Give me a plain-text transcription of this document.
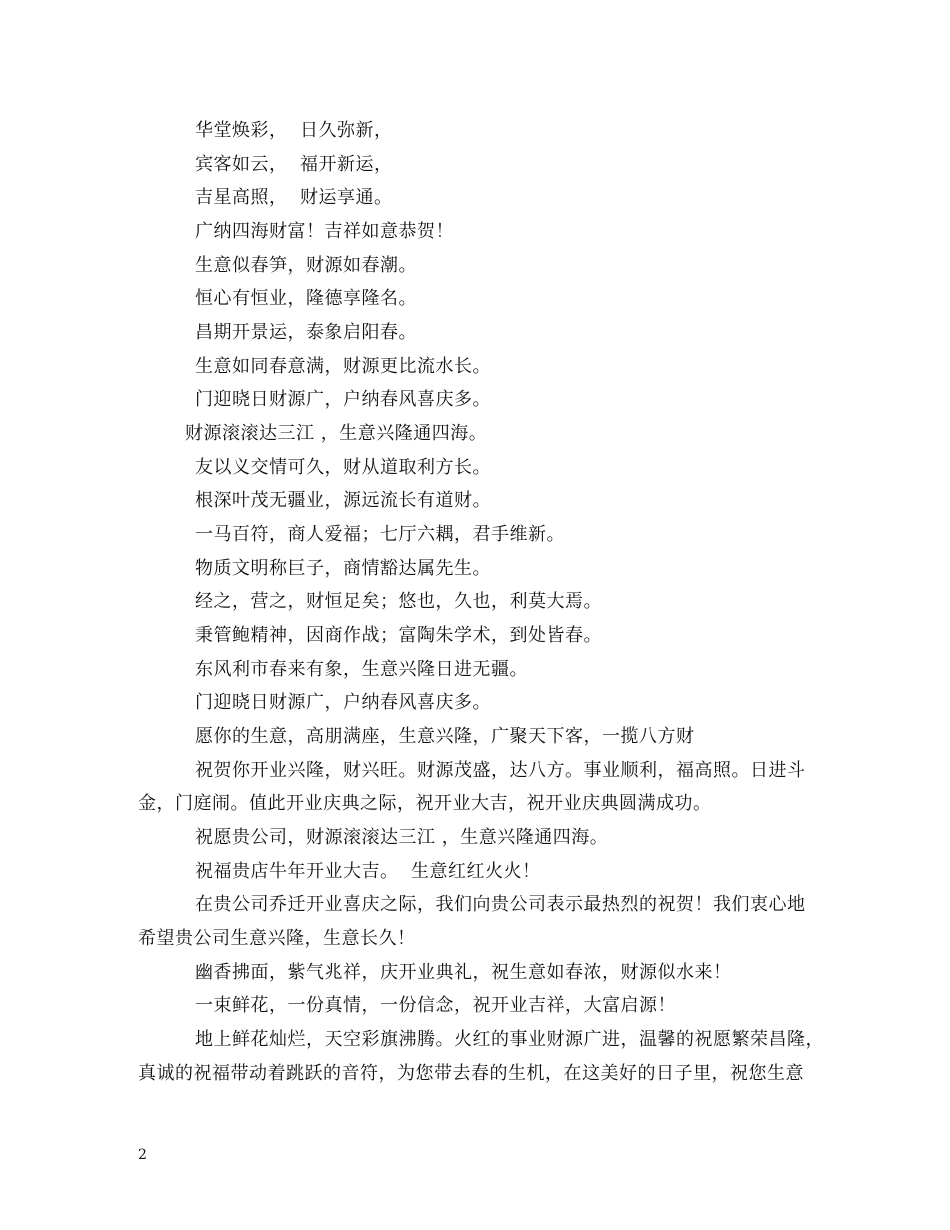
华堂焕彩，  日久弥新，
宾客如云，  福开新运，
吉星高照，  财运享通。
广纳四海财富！吉祥如意恭贺！
生意似春笋，财源如春潮。
恒心有恒业，隆德享隆名。
昌期开景运，泰象启阳春。
生意如同春意满，财源更比流水长。
门迎晓日财源广，户纳春风喜庆多。
财源滚滚达三江 ，生意兴隆通四海。
友以义交情可久，财从道取利方长。
根深叶茂无疆业，源远流长有道财。
一马百符，商人爱福；七厅六耦，君手维新。
物质文明称巨子，商情豁达属先生。
经之，营之，财恒足矣；悠也，久也，利莫大焉。
秉管鲍精神，因商作战；富陶朱学术，到处皆春。
东风利市春来有象，生意兴隆日进无疆。
门迎晓日财源广，户纳春风喜庆多。
愿你的生意，高朋满座，生意兴隆，广聚天下客，一揽八方财
祝贺你开业兴隆，财兴旺。财源茂盛，达八方。事业顺利，福高照。日进斗
金，门庭闹。值此开业庆典之际，祝开业大吉，祝开业庆典圆满成功。
祝愿贵公司，财源滚滚达三江 ，生意兴隆通四海。
祝福贵店牛年开业大吉。  生意红红火火！
在贵公司乔迁开业喜庆之际，我们向贵公司表示最热烈的祝贺！我们衷心地
希望贵公司生意兴隆，生意长久！
幽香拂面，紫气兆祥，庆开业典礼，祝生意如春浓，财源似水来！
一束鲜花，一份真情，一份信念，祝开业吉祥，大富启源！
地上鲜花灿烂，天空彩旗沸腾。火红的事业财源广进，温馨的祝愿繁荣昌隆，
真诚的祝福带动着跳跃的音符，为您带去春的生机，在这美好的日子里，祝您生意
2
